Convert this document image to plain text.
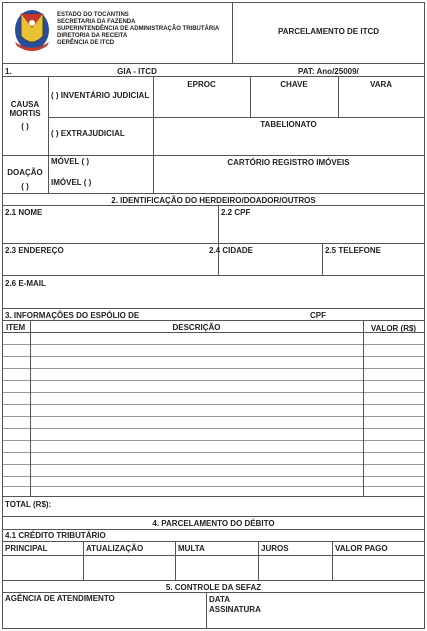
ESTADO DO TOCANTINS
SECRETARIA DA FAZENDA
SUPERINTENDÊNCIA DE ADMINISTRAÇÃO TRIBUTÁRIA
DIRETORIA DA RECEITA
GERÊNCIA DE ITCD
PARCELAMENTO DE ITCD
1.	GIA - ITCD	PAT: Ano/25009/
CAUSA MORTIS
( )
( ) INVENTÁRIO JUDICIAL
EPROC	CHAVE	VARA
( ) EXTRAJUDICIAL
TABELIONATO
DOAÇÃO
( )
MÓVEL ( )
IMÓVEL ( )
CARTÓRIO REGISTRO IMÓVEIS
2. IDENTIFICAÇÃO DO HERDEIRO/DOADOR/OUTROS
2.1 NOME	2.2 CPF
2.3 ENDEREÇO	2.4 CIDADE	2.5 TELEFONE
2.6 E-MAIL
3. INFORMAÇÕES DO ESPÓLIO DE	CPF
ITEM	DESCRIÇÃO	VALOR (R$)
TOTAL (R$):
4. PARCELAMENTO DO DÉBITO
4.1 CRÉDITO TRIBUTÁRIO
PRINCIPAL	ATUALIZAÇÃO	MULTA	JUROS	VALOR PAGO
5. CONTROLE DA SEFAZ
AGÊNCIA DE ATENDIMENTO	DATA
ASSINATURA
